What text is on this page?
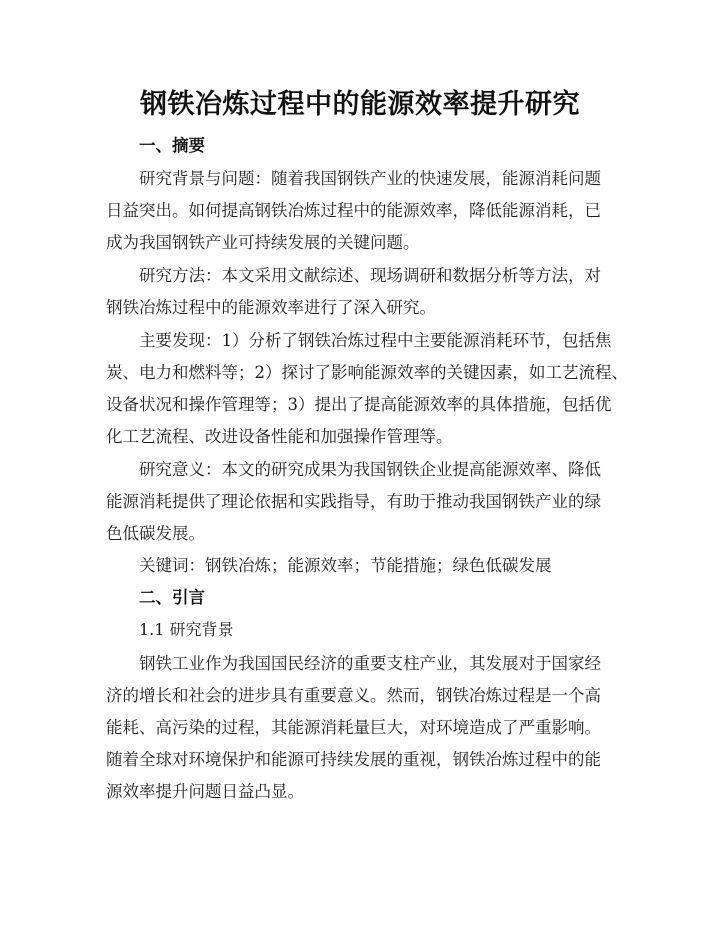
钢铁冶炼过程中的能源效率提升研究
一、摘要
研究背景与问题：随着我国钢铁产业的快速发展，能源消耗问题
日益突出。如何提高钢铁冶炼过程中的能源效率，降低能源消耗，已
成为我国钢铁产业可持续发展的关键问题。
研究方法：本文采用文献综述、现场调研和数据分析等方法，对
钢铁冶炼过程中的能源效率进行了深入研究。
主要发现：1）分析了钢铁冶炼过程中主要能源消耗环节，包括焦
炭、电力和燃料等；2）探讨了影响能源效率的关键因素，如工艺流程、
设备状况和操作管理等；3）提出了提高能源效率的具体措施，包括优
化工艺流程、改进设备性能和加强操作管理等。
研究意义：本文的研究成果为我国钢铁企业提高能源效率、降低
能源消耗提供了理论依据和实践指导，有助于推动我国钢铁产业的绿
色低碳发展。
关键词：钢铁冶炼；能源效率；节能措施；绿色低碳发展
二、引言
1.1 研究背景
钢铁工业作为我国国民经济的重要支柱产业，其发展对于国家经
济的增长和社会的进步具有重要意义。然而，钢铁冶炼过程是一个高
能耗、高污染的过程，其能源消耗量巨大，对环境造成了严重影响。
随着全球对环境保护和能源可持续发展的重视，钢铁冶炼过程中的能
源效率提升问题日益凸显。
